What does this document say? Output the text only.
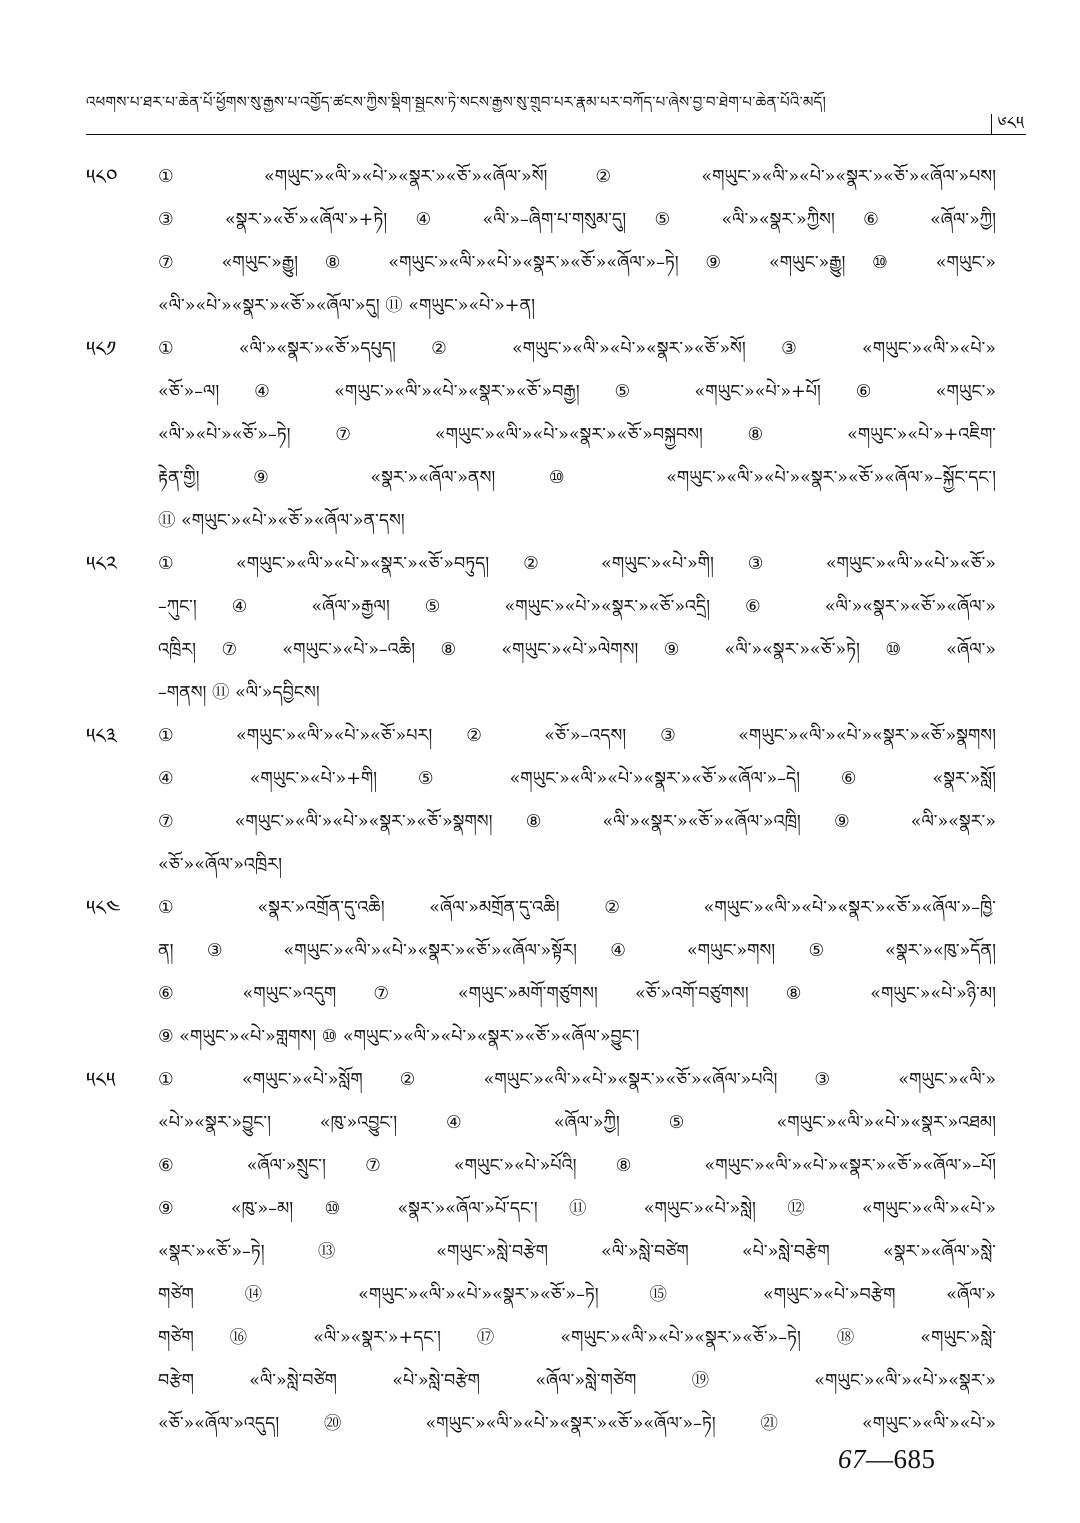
འཕགས་པ་ཐར་པ་ཆེན་པོ་ཕྱོགས་སུ་རྒྱས་པ་འགྱོད་ཚངས་ཀྱིས་སྡིག་སྦྱངས་ཏེ་སངས་རྒྱས་སུ་གྲུབ་པར་རྣམ་པར་བཀོད་པ་ཞེས་བྱ་བ་ཐེག་པ་ཆེན་པོའི་མདོ།
༦༨༥
༥༨༠	① «གཡུང་»«ལི་»«པེ་»«སྣར་»«ཅོ་»«ཞོལ་»སོ། ② «གཡུང་»«ལི་»«པེ་»«སྣར་»«ཅོ་»«ཞོལ་»པས།
③ «སྣར་»«ཅོ་»«ཞོལ་»+ཏེ། ④ «ལི་»–ཞིག་པ་གསུམ་དུ། ⑤ «ལི་»«སྣར་»ཀྱིས། ⑥ «ཞོལ་»ཀྱི།
⑦ «གཡུང་»རྒྱུ། ⑧ «གཡུང་»«ལི་»«པེ་»«སྣར་»«ཅོ་»«ཞོལ་»–ཏེ། ⑨ «གཡུང་»རྒྱུ། ⑩ «གཡུང་»
«ལི་»«པེ་»«སྣར་»«ཅོ་»«ཞོལ་»དུ། ⑪ «གཡུང་»«པེ་»+ན།
༥༨༡	① «ལི་»«སྣར་»«ཅོ་»དཔུད། ② «གཡུང་»«ལི་»«པེ་»«སྣར་»«ཅོ་»སོ། ③ «གཡུང་»«ལི་»«པེ་»
«ཅོ་»–ལ། ④ «གཡུང་»«ལི་»«པེ་»«སྣར་»«ཅོ་»བརྒྱ། ⑤ «གཡུང་»«པེ་»+པོ། ⑥ «གཡུང་»
«ལི་»«པེ་»«ཅོ་»–ཏེ། ⑦ «གཡུང་»«ལི་»«པེ་»«སྣར་»«ཅོ་»བསྐྱབས། ⑧ «གཡུང་»«པེ་»+འཇིག་
རྟེན་གྱི། ⑨ «སྣར་»«ཞོལ་»ནས། ⑩ «གཡུང་»«ལི་»«པེ་»«སྣར་»«ཅོ་»«ཞོལ་»–སྐྱོང་དང་།
⑪ «གཡུང་»«པེ་»«ཅོ་»«ཞོལ་»ན་དས།
༥༨༢	① «གཡུང་»«ལི་»«པེ་»«སྣར་»«ཅོ་»བཏུད། ② «གཡུང་»«པེ་»གི། ③ «གཡུང་»«ལི་»«པེ་»«ཅོ་»
–ཀུང་། ④ «ཞོལ་»རྒྱལ། ⑤ «གཡུང་»«པེ་»«སྣར་»«ཅོ་»འདྲི། ⑥ «ལི་»«སྣར་»«ཅོ་»«ཞོལ་»
འཁྲིར། ⑦ «གཡུང་»«པེ་»–འཆི། ⑧ «གཡུང་»«པེ་»ལེགས། ⑨ «ལི་»«སྣར་»«ཅོ་»ཏེ། ⑩ «ཞོལ་»
–གནས། ⑪ «ལི་»དབྱིངས།
༥༨༣	① «གཡུང་»«ལི་»«པེ་»«ཅོ་»པར། ② «ཅོ་»–འདས། ③ «གཡུང་»«ལི་»«པེ་»«སྣར་»«ཅོ་»སྣགས།
④ «གཡུང་»«པེ་»+གི། ⑤ «གཡུང་»«ལི་»«པེ་»«སྣར་»«ཅོ་»«ཞོལ་»–དེ། ⑥ «སྣར་»སློ།
⑦ «གཡུང་»«ལི་»«པེ་»«སྣར་»«ཅོ་»སྣགས། ⑧ «ལི་»«སྣར་»«ཅོ་»«ཞོལ་»འཁྲི། ⑨ «ལི་»«སྣར་»
«ཅོ་»«ཞོལ་»འཁྲིར།
༥༨༤	① «སྣར་»འགྲོན་དུ་འཆི། «ཞོལ་»མགྲོན་དུ་འཆི། ② «གཡུང་»«ལི་»«པེ་»«སྣར་»«ཅོ་»«ཞོལ་»–ཁྱི་
ན། ③ «གཡུང་»«ལི་»«པེ་»«སྣར་»«ཅོ་»«ཞོལ་»སྟོར། ④ «གཡུང་»གས། ⑤ «སྣར་»«ཁུ་»དོན།
⑥ «གཡུང་»འདུག ⑦ «གཡུང་»མགོ་གཙུགས། «ཅོ་»འགོ་བཙུགས། ⑧ «གཡུང་»«པེ་»ཉི་མ།
⑨ «གཡུང་»«པེ་»གླགས། ⑩ «གཡུང་»«ལི་»«པེ་»«སྣར་»«ཅོ་»«ཞོལ་»བྱུང་།
༥༨༥	① «གཡུང་»«པེ་»སློག ② «གཡུང་»«ལི་»«པེ་»«སྣར་»«ཅོ་»«ཞོལ་»པའི། ③ «གཡུང་»«ལི་»
«པེ་»«སྣར་»བྱུང་། «ཁུ་»འབྱུང་། ④ «ཞོལ་»ཀྱི། ⑤ «གཡུང་»«ལི་»«པེ་»«སྣར་»འཐམ།
⑥ «ཞོལ་»སྲུང་། ⑦ «གཡུང་»«པེ་»པོའི། ⑧ «གཡུང་»«ལི་»«པེ་»«སྣར་»«ཅོ་»«ཞོལ་»–པོ།
⑨ «ཁུ་»–མ། ⑩ «སྣར་»«ཞོལ་»པོ་དང་། ⑪ «གཡུང་»«པེ་»སླེ། ⑫ «གཡུང་»«ལི་»«པེ་»
«སྣར་»«ཅོ་»–ཏེ། ⑬ «གཡུང་»སླེ་བརྩེག «ལི་»སླེ་བཙེག «པེ་»སླེ་བརྩེག «སྣར་»«ཞོལ་»སླེ་
གཙེག ⑭ «གཡུང་»«ལི་»«པེ་»«སྣར་»«ཅོ་»–ཏེ། ⑮ «གཡུང་»«པེ་»བརྩེག «ཞོལ་»
གཙེག ⑯ «ལི་»«སྣར་»+དང་། ⑰ «གཡུང་»«ལི་»«པེ་»«སྣར་»«ཅོ་»–ཏེ། ⑱ «གཡུང་»སླེ་
བརྩེག «ལི་»སླེ་བཙེག «པེ་»སླེ་བརྩེག «ཞོལ་»སླེ་གཙེག ⑲ «གཡུང་»«ལི་»«པེ་»«སྣར་»
«ཅོ་»«ཞོལ་»འདུད། ⑳ «གཡུང་»«ལི་»«པེ་»«སྣར་»«ཅོ་»«ཞོལ་»–ཏེ། ㉑ «གཡུང་»«ལི་»«པེ་»
67—685
